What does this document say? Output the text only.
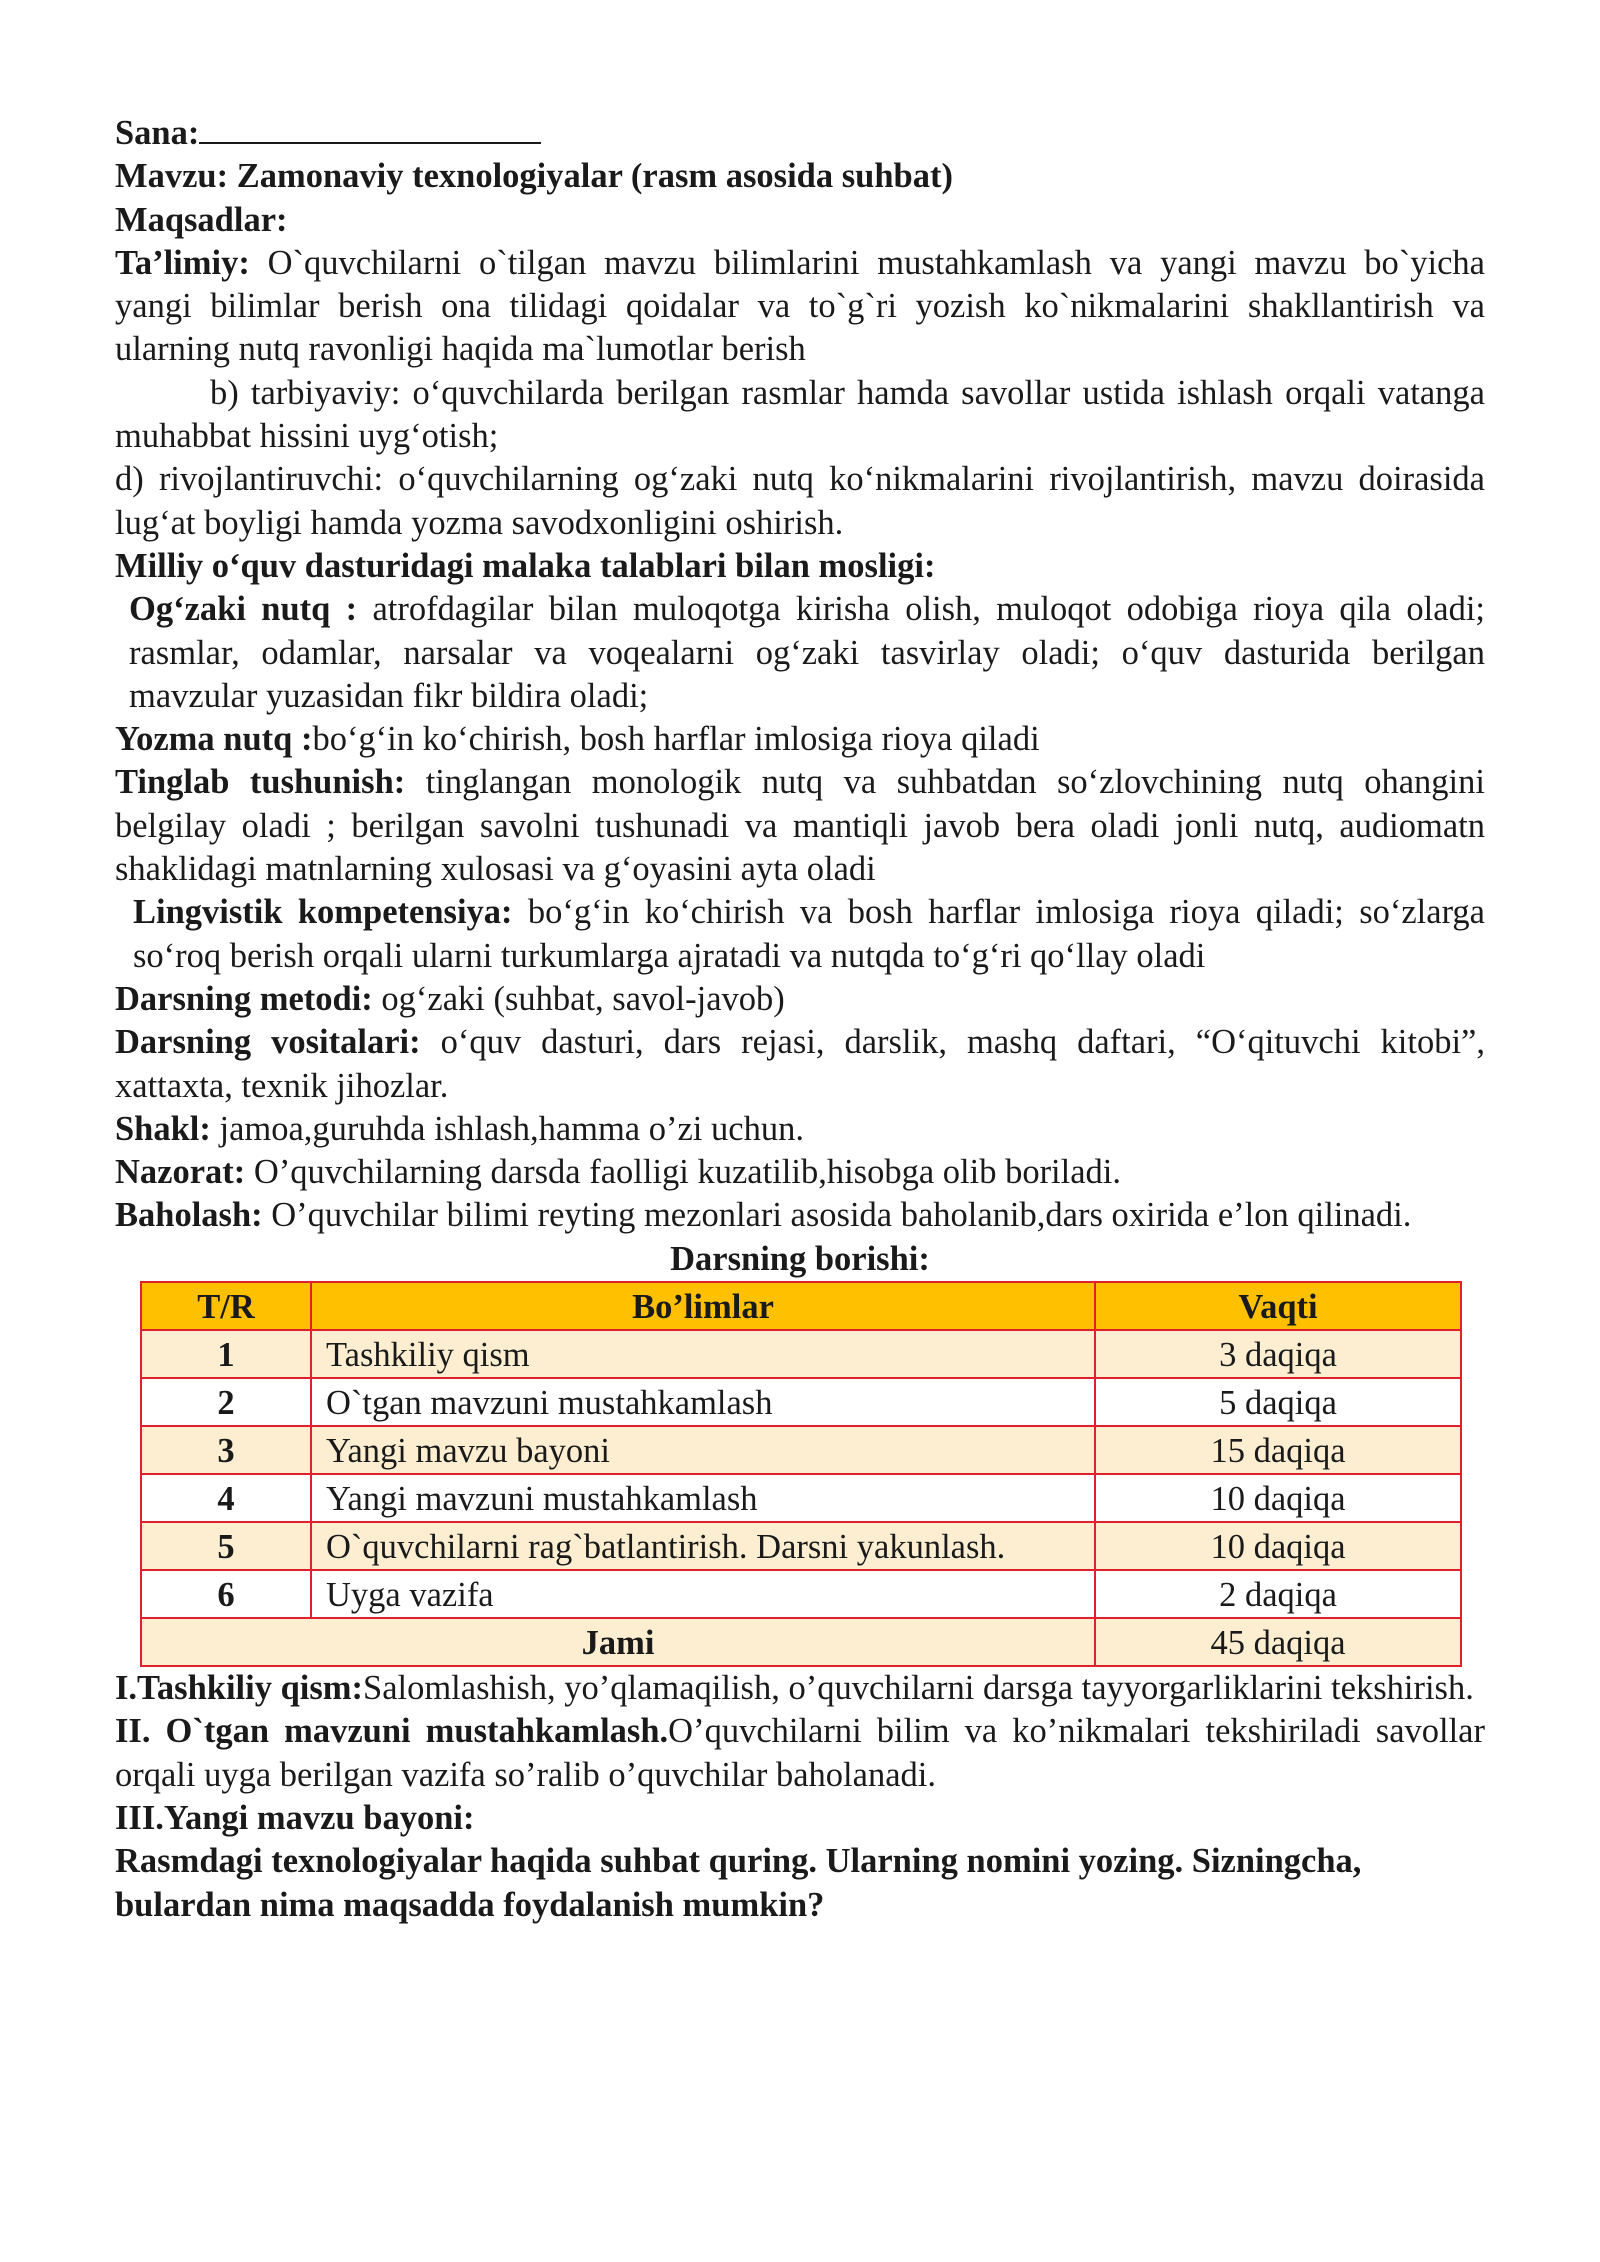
Sana:

Mavzu: Zamonaviy texnologiyalar (rasm asosida suhbat)

Maqsadlar:

Ta’limiy: O`quvchilarni o`tilgan mavzu bilimlarini mustahkamlash va yangi mavzu bo`yicha yangi bilimlar berish ona tilidagi qoidalar va to`g`ri yozish ko`nikmalarini shakllantirish va ularning nutq ravonligi haqida ma`lumotlar berish

b) tarbiyaviy: o‘quvchilarda berilgan rasmlar hamda savollar ustida ishlash orqali vatanga muhabbat hissini uyg‘otish;

d) rivojlantiruvchi: o‘quvchilarning og‘zaki nutq ko‘nikmalarini rivojlantirish, mavzu doirasida lug‘at boyligi hamda yozma savodxonligini oshirish.

Milliy o‘quv dasturidagi malaka talablari bilan mosligi:

Og‘zaki nutq : atrofdagilar bilan muloqotga kirisha olish, muloqot odobiga rioya qila oladi; rasmlar, odamlar, narsalar va voqealarni og‘zaki tasvirlay oladi; o‘quv dasturida berilgan mavzular yuzasidan fikr bildira oladi;

Yozma nutq :bo‘g‘in ko‘chirish, bosh harflar imlosiga rioya qiladi

Tinglab tushunish: tinglangan monologik nutq va suhbatdan so‘zlovchining nutq ohangini belgilay oladi ; berilgan savolni tushunadi va mantiqli javob bera oladi jonli nutq, audiomatn shaklidagi matnlarning xulosasi va g‘oyasini ayta oladi

Lingvistik kompetensiya: bo‘g‘in ko‘chirish va bosh harflar imlosiga rioya qiladi; so‘zlarga so‘roq berish orqali ularni turkumlarga ajratadi va nutqda to‘g‘ri qo‘llay oladi

Darsning metodi: og‘zaki (suhbat, savol-javob)

Darsning vositalari: o‘quv dasturi, dars rejasi, darslik, mashq daftari, “O‘qituvchi kitobi”, xattaxta, texnik jihozlar.

Shakl: jamoa,guruhda ishlash,hamma o’zi uchun.

Nazorat: O’quvchilarning darsda faolligi kuzatilib,hisobga olib boriladi.

Baholash: O’quvchilar bilimi reyting mezonlari asosida baholanib,dars oxirida e’lon qilinadi.

Darsning borishi:

T/R	Bo’limlar	Vaqti
1	Tashkiliy qism	3 daqiqa
2	O`tgan mavzuni mustahkamlash	5 daqiqa
3	Yangi mavzu bayoni	15 daqiqa
4	Yangi mavzuni mustahkamlash	10 daqiqa
5	O`quvchilarni rag`batlantirish. Darsni yakunlash.	10 daqiqa
6	Uyga vazifa	2 daqiqa
Jami		45 daqiqa

I.Tashkiliy qism:Salomlashish, yo’qlamaqilish, o’quvchilarni darsga tayyorgarliklarini tekshirish.

II. O`tgan mavzuni mustahkamlash.O’quvchilarni bilim va ko’nikmalari tekshiriladi savollar orqali uyga berilgan vazifa so’ralib o’quvchilar baholanadi.

III.Yangi mavzu bayoni:

Rasmdagi texnologiyalar haqida suhbat quring. Ularning nomini yozing. Sizningcha, bulardan nima maqsadda foydalanish mumkin?
